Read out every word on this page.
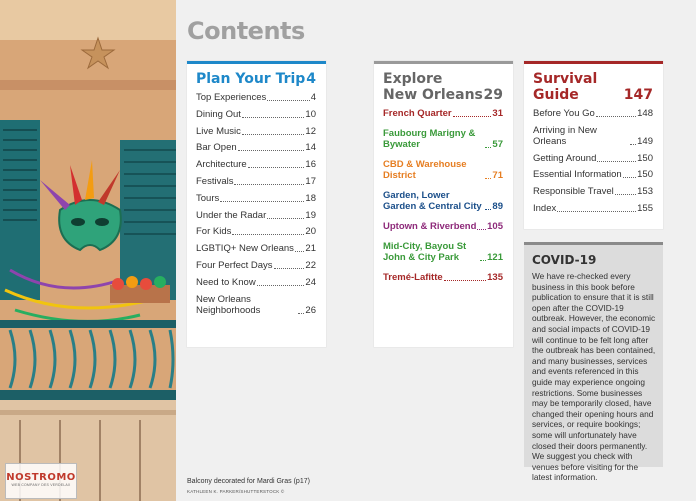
NOSTROMO
WEB COMPANY DES VERDELAX
Contents
Plan Your Trip 4
Top Experiences	4
Dining Out	10
Live Music	12
Bar Open	14
Architecture	16
Festivals	17
Tours	18
Under the Radar	19
For Kids	20
LGBTIQ+ New Orleans 21
Four Perfect Days	22
Need to Know	24
New Orleans Neighborhoods	26
Explore
New Orleans 29
French Quarter	31
Faubourg Marigny & Bywater	57
CBD & Warehouse District	71
Garden, Lower Garden & Central City 89
Uptown & Riverbend 105
Mid-City, Bayou St John & City Park	121
Tremé-Lafitte	135
Survival
Guide	147
Before You Go	148
Arriving in New Orleans	149
Getting Around	150
Essential Information 150
Responsible Travel 153
Index	155
COVID-19
We have re-checked every business in this book before publication to ensure that it is still open after the COVID-19 outbreak. However, the economic and social impacts of COVID-19 will continue to be felt long after the outbreak has been contained, and many businesses, services and events referenced in this guide may experience ongoing restrictions. Some businesses may be temporarily closed, have changed their opening hours and services, or require bookings; some will unfortunately have closed their doors permanently. We suggest you check with venues before visiting for the latest information.
Balcony decorated for Mardi Gras (p17)
KATHLEEN K. PARKER/SHUTTERSTOCK ©
